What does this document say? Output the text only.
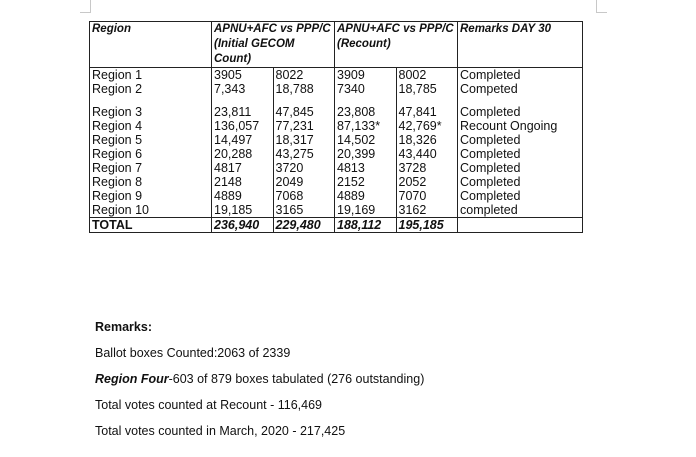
Region	APNU+AFC vs PPP/C (Initial GECOM Count)		APNU+AFC vs PPP/C (Recount)		Remarks DAY 30
Region 1	3905	8022	3909	8002	Completed
Region 2	7,343	18,788	7340	18,785	Competed

Region 3	23,811	47,845	23,808	47,841	Completed
Region 4	136,057	77,231	87,133*	42,769*	Recount Ongoing
Region 5	14,497	18,317	14,502	18,326	Completed
Region 6	20,288	43,275	20,399	43,440	Completed
Region 7	4817	3720	4813	3728	Completed
Region 8	2148	2049	2152	2052	Completed
Region 9	4889	7068	4889	7070	Completed
Region 10	19,185	3165	19,169	3162	completed
TOTAL	236,940	229,480	188,112	195,185	
Remarks:
Ballot boxes Counted:2063 of 2339
Region Four-603 of 879 boxes tabulated (276 outstanding)
Total votes counted at Recount - 116,469
Total votes counted in March, 2020 - 217,425
